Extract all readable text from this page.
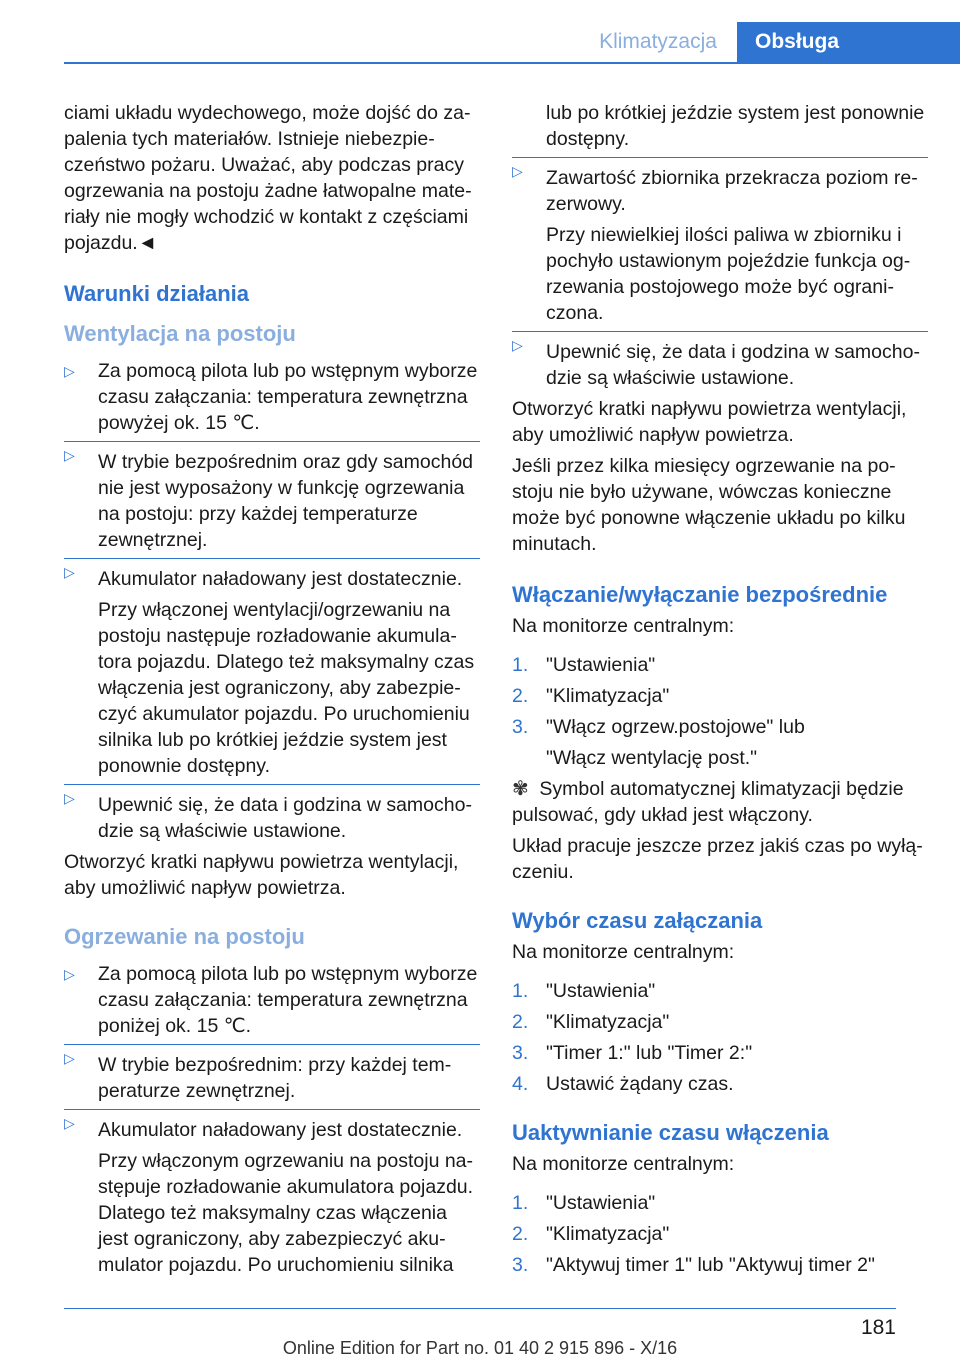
Klimatyzacja	Obsługa

ciami układu wydechowego, może dojść do zapalenia tych materiałów. Istnieje niebezpieczeństwo pożaru. Uważać, aby podczas pracy ogrzewania na postoju żadne łatwopalne materiały nie mogły wchodzić w kontakt z częściami pojazdu.◄

Warunki działania
Wentylacja na postoju

▷ Za pomocą pilota lub po wstępnym wyborze czasu załączania: temperatura zewnętrzna powyżej ok. 15 ℃.

▷ W trybie bezpośrednim oraz gdy samochód nie jest wyposażony w funkcję ogrzewania na postoju: przy każdej temperaturze zewnętrznej.

▷ Akumulator naładowany jest dostatecznie.

Przy włączonej wentylacji/ogrzewaniu na postoju następuje rozładowanie akumulatora pojazdu. Dlatego też maksymalny czas włączenia jest ograniczony, aby zabezpieczyć akumulator pojazdu. Po uruchomieniu silnika lub po krótkiej jeździe system jest ponownie dostępny.

▷ Upewnić się, że data i godzina w samochodzie są właściwie ustawione.

Otworzyć kratki napływu powietrza wentylacji, aby umożliwić napływ powietrza.

Ogrzewanie na postoju

▷ Za pomocą pilota lub po wstępnym wyborze czasu załączania: temperatura zewnętrzna poniżej ok. 15 ℃.

▷ W trybie bezpośrednim: przy każdej temperaturze zewnętrznej.

▷ Akumulator naładowany jest dostatecznie.

Przy włączonym ogrzewaniu na postoju następuje rozładowanie akumulatora pojazdu. Dlatego też maksymalny czas włączenia jest ograniczony, aby zabezpieczyć akumulator pojazdu. Po uruchomieniu silnika

lub po krótkiej jeździe system jest ponownie dostępny.

▷ Zawartość zbiornika przekracza poziom rezerwowy.

Przy niewielkiej ilości paliwa w zbiorniku i pochyło ustawionym pojeździe funkcja ogrzewania postojowego może być ograniczona.

▷ Upewnić się, że data i godzina w samochodzie są właściwie ustawione.

Otworzyć kratki napływu powietrza wentylacji, aby umożliwić napływ powietrza.

Jeśli przez kilka miesięcy ogrzewanie na postoju nie było używane, wówczas konieczne może być ponowne włączenie układu po kilku minutach.

Włączanie/wyłączanie bezpośrednie

Na monitorze centralnym:

1. "Ustawienia"

2. "Klimatyzacja"

3. "Włącz ogrzew.postojowe" lub

"Włącz wentylację post."

✾ Symbol automatycznej klimatyzacji będzie pulsować, gdy układ jest włączony.

Układ pracuje jeszcze przez jakiś czas po wyłączeniu.

Wybór czasu załączania

Na monitorze centralnym:

1. "Ustawienia"

2. "Klimatyzacja"

3. "Timer 1:" lub "Timer 2:"

4. Ustawić żądany czas.

Uaktywnianie czasu włączenia

Na monitorze centralnym:

1. "Ustawienia"

2. "Klimatyzacja"

3. "Aktywuj timer 1" lub "Aktywuj timer 2"

181
Online Edition for Part no. 01 40 2 915 896 - X/16
